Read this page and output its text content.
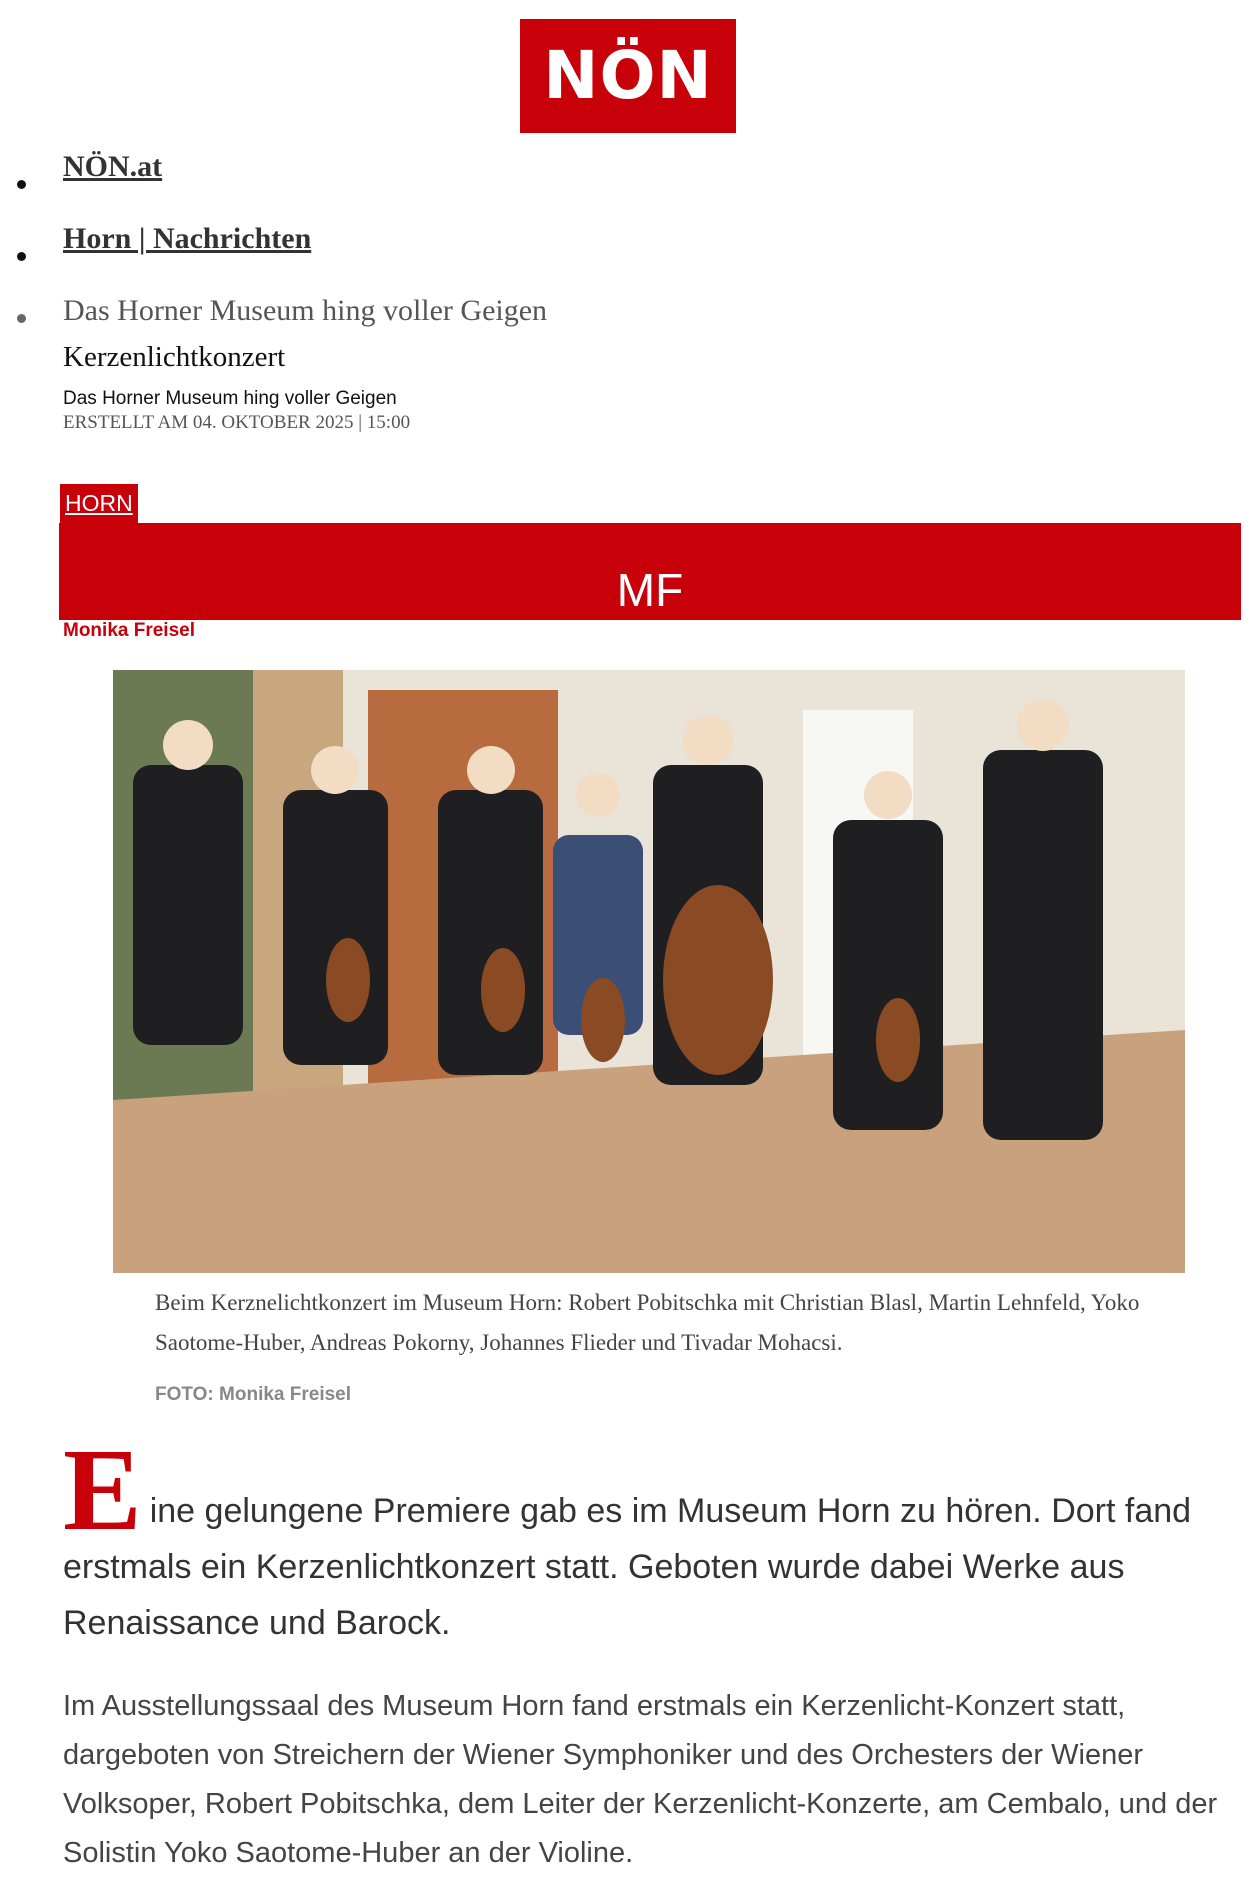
NÖN
NÖN.at
Horn | Nachrichten
Das Horner Museum hing voller Geigen
Kerzenlichtkonzert
Das Horner Museum hing voller Geigen
ERSTELLT AM 04. OKTOBER 2025 | 15:00
HORN
MF
Monika Freisel
Beim Kerznelichtkonzert im Museum Horn: Robert Pobitschka mit Christian Blasl, Martin Lehnfeld, Yoko Saotome-Huber, Andreas Pokorny, Johannes Flieder und Tivadar Mohacsi.
FOTO: Monika Freisel
E ine gelungene Premiere gab es im Museum Horn zu hören. Dort fand erstmals ein Kerzenlichtkonzert statt. Geboten wurde dabei Werke aus Renaissance und Barock.
Im Ausstellungssaal des Museum Horn fand erstmals ein Kerzenlicht-Konzert statt, dargeboten von Streichern der Wiener Symphoniker und des Orchesters der Wiener Volksoper, Robert Pobitschka, dem Leiter der Kerzenlicht-Konzerte, am Cembalo, und der Solistin Yoko Saotome-Huber an der Violine.
